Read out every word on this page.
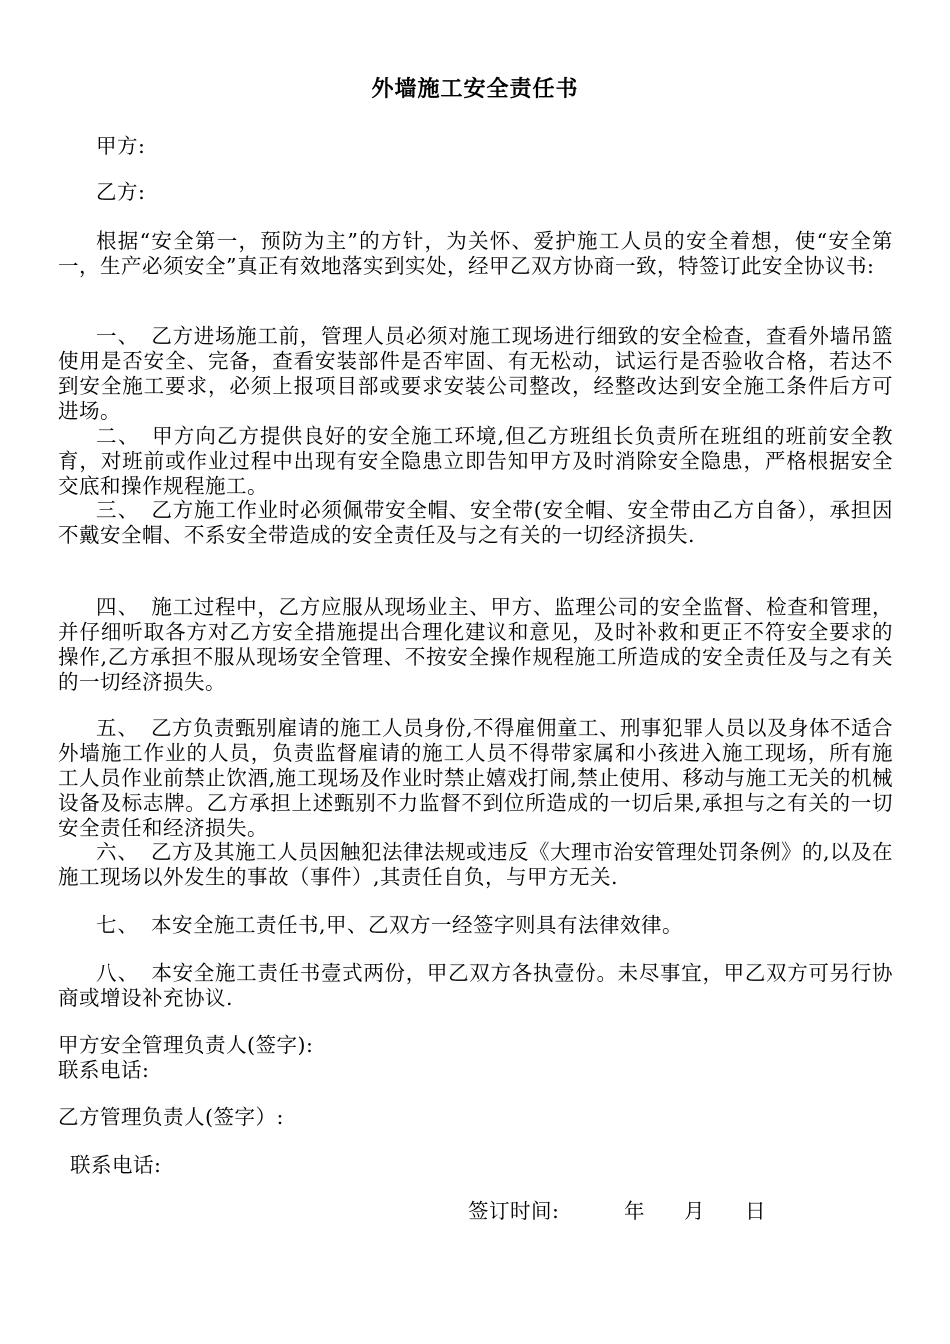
外墙施工安全责任书
甲方:
乙方:
根据“安全第一，预防为主”的方针，为关怀、爱护施工人员的安全着想，使“安全第一，生产必须安全”真正有效地落实到实处，经甲乙双方协商一致，特签订此安全协议书:
一、 乙方进场施工前，管理人员必须对施工现场进行细致的安全检查，查看外墙吊篮使用是否安全、完备，查看安装部件是否牢固、有无松动，试运行是否验收合格，若达不到安全施工要求，必须上报项目部或要求安装公司整改，经整改达到安全施工条件后方可进场。
二、 甲方向乙方提供良好的安全施工环境,但乙方班组长负责所在班组的班前安全教育，对班前或作业过程中出现有安全隐患立即告知甲方及时消除安全隐患，严格根据安全交底和操作规程施工。
三、 乙方施工作业时必须佩带安全帽、安全带(安全帽、安全带由乙方自备），承担因不戴安全帽、不系安全带造成的安全责任及与之有关的一切经济损失.
四、 施工过程中，乙方应服从现场业主、甲方、监理公司的安全监督、检查和管理，并仔细听取各方对乙方安全措施提出合理化建议和意见，及时补救和更正不符安全要求的操作,乙方承担不服从现场安全管理、不按安全操作规程施工所造成的安全责任及与之有关的一切经济损失。
五、 乙方负责甄别雇请的施工人员身份,不得雇佣童工、刑事犯罪人员以及身体不适合外墙施工作业的人员，负责监督雇请的施工人员不得带家属和小孩进入施工现场，所有施工人员作业前禁止饮酒,施工现场及作业时禁止嬉戏打闹,禁止使用、移动与施工无关的机械设备及标志牌。乙方承担上述甄别不力监督不到位所造成的一切后果,承担与之有关的一切安全责任和经济损失。
六、 乙方及其施工人员因触犯法律法规或违反《大理市治安管理处罚条例》的,以及在施工现场以外发生的事故（事件）,其责任自负，与甲方无关.
七、 本安全施工责任书,甲、乙双方一经签字则具有法律效律。
八、 本安全施工责任书壹式两份，甲乙双方各执壹份。未尽事宜，甲乙双方可另行协商或增设补充协议.
甲方安全管理负责人(签字):
联系电话:
乙方管理负责人(签字）:
联系电话:
签订时间:	年 月 日
